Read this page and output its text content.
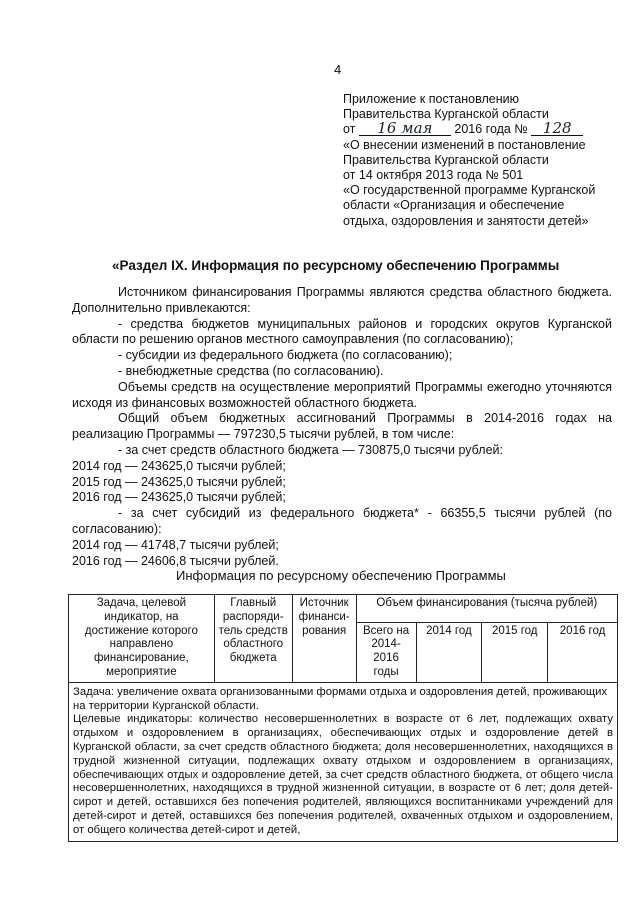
4
Приложение к постановлению
Правительства Курганской области
от 16 мая 2016 года № 128
«О внесении изменений в постановление
Правительства Курганской области
от 14 октября 2013 года № 501
«О государственной программе Курганской
области «Организация и обеспечение
отдыха, оздоровления и занятости детей»
«Раздел IX. Информация по ресурсному обеспечению Программы

Источником финансирования Программы являются средства областного бюджета. Дополнительно привлекаются:

- средства бюджетов муниципальных районов и городских округов Курганской области по решению органов местного самоуправления (по согласованию);

- субсидии из федерального бюджета (по согласованию);

- внебюджетные средства (по согласованию).

Объемы средств на осуществление мероприятий Программы ежегодно уточняются исходя из финансовых возможностей областного бюджета.

Общий объем бюджетных ассигнований Программы в 2014-2016 годах на реализацию Программы — 797230,5 тысячи рублей, в том числе:

- за счет средств областного бюджета — 730875,0 тысячи рублей:

2014 год — 243625,0 тысячи рублей;

2015 год — 243625,0 тысячи рублей;

2016 год — 243625,0 тысячи рублей;

- за счет субсидий из федерального бюджета* - 66355,5 тысячи рублей (по согласованию):

2014 год — 41748,7 тысячи рублей;

2016 год — 24606,8 тысячи рублей.

Информация по ресурсному обеспечению Программы
Задача, целевой индикатор, на достижение которого направлено финансирование, мероприятие	Главный распоряди-тель средств областного бюджета	Источник финанси-рования	Объем финансирования (тысяча рублей)			
			Всего на 2014-2016 годы	2014 год	2015 год	2016 год

Задача: увеличение охвата организованными формами отдыха и оздоровления детей, проживающих на территории Курганской области.

Целевые индикаторы: количество несовершеннолетних в возрасте от 6 лет, подлежащих охвату отдыхом и оздоровлением в организациях, обеспечивающих отдых и оздоровление детей в Курганской области, за счет средств областного бюджета; доля несовершеннолетних, находящихся в трудной жизненной ситуации, подлежащих охвату отдыхом и оздоровлением в организациях, обеспечивающих отдых и оздоровление детей, за счет средств областного бюджета, от общего числа несовершеннолетних, находящихся в трудной жизненной ситуации, в возрасте от 6 лет; доля детей-сирот и детей, оставшихся без попечения родителей, являющихся воспитанниками учреждений для детей-сирот и детей, оставшихся без попечения родителей, охваченных отдыхом и оздоровлением, от общего количества детей-сирот и детей,						
